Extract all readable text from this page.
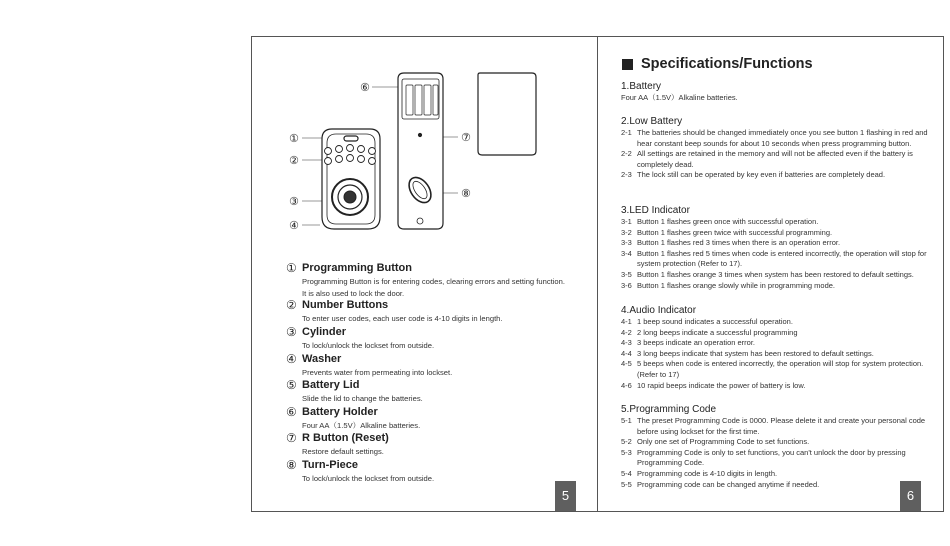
⑥
①
②
③
④
⑦
⑧
① Programming Button
Programming Button is for entering codes, clearing errors and setting function.
It is also used to lock the door.
② Number Buttons
To enter user codes, each user code is 4-10 digits in length.
③ Cylinder
To lock/unlock the lockset from outside.
④ Washer
Prevents water from permeating into lockset.
⑤ Battery Lid
Slide the lid to change the batteries.
⑥ Battery Holder
Four AA（1.5V）Alkaline batteries.
⑦ R Button (Reset)
Restore default settings.
⑧ Turn-Piece
To lock/unlock the lockset from outside.
5
Specifications/Functions
1.Battery
Four AA（1.5V）Alkaline batteries.
2.Low Battery
2-1 The batteries should be changed immediately once you see button 1 flashing in red and hear constant beep sounds for about 10 seconds when press programming button.
2-2 All settings are retained in the memory and will not be affected even if the battery is completely dead.
2-3 The lock still can be operated by key even if batteries are completely dead.
3.LED Indicator
3-1 Button 1 flashes green once with successful operation.
3-2 Button 1 flashes green twice with successful programming.
3-3 Button 1 flashes red 3 times when there is an operation error.
3-4 Button 1 flashes red 5 times when code is entered incorrectly, the operation will stop for system protection (Refer to 17).
3-5 Button 1 flashes orange 3 times when system has been restored to default settings.
3-6 Button 1 flashes orange slowly while in programming mode.
4.Audio Indicator
4-1 1 beep sound indicates a successful operation.
4-2 2 long beeps indicate a successful programming
4-3 3 beeps indicate an operation error.
4-4 3 long beeps indicate that system has been restored to default settings.
4-5 5 beeps when code is entered incorrectly, the operation will stop for system protection. (Refer to 17)
4-6 10 rapid beeps indicate the power of battery is low.
5.Programming Code
5-1 The preset Programming Code is 0000. Please delete it and create your personal code before using lockset for the first time.
5-2 Only one set of Programming Code to set functions.
5-3 Programming Code is only to set functions, you can't unlock the door by pressing Programming Code.
5-4 Programming code is 4-10 digits in length.
5-5 Programming code can be changed anytime if needed.
6
